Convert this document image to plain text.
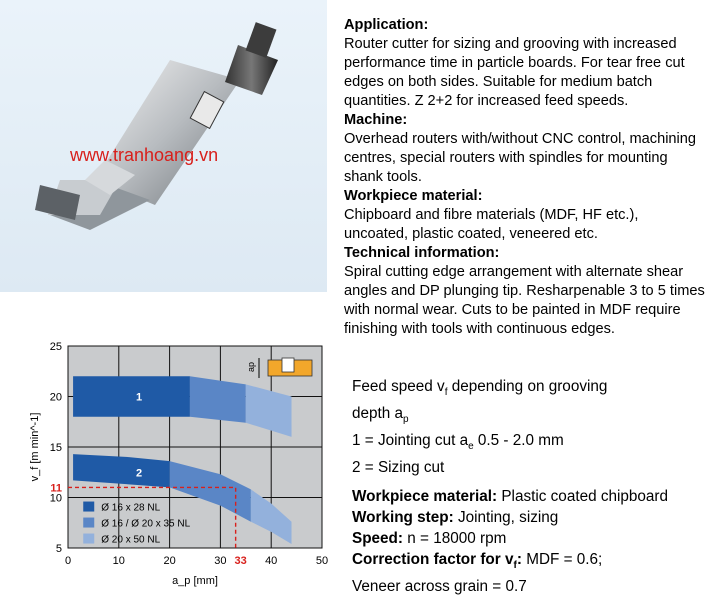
www.tranhoang.vn

Application:

Router cutter for sizing and grooving with increased performance time in particle boards. For tear free cut edges on both sides. Suitable for medium batch quantities. Z 2+2 for increased feed speeds.

Machine:

Overhead routers with/without CNC control, machining centres, special routers with spindles for mounting shank tools.

Workpiece material:

Chipboard and fibre materials (MDF, HF etc.), uncoated, plastic coated, veneered etc.

Technical information:

Spiral cutting edge arrangement with alternate shear angles and DP plunging tip. Resharpenable 3 to 5 times with normal wear. Cuts to be painted in MDF require finishing with tools with continuous edges.

1
2
0	10	20	30 33 40	50
5
10
11
15
20
25
a_p [mm]
v_f [m min^-1]
Ø 16 x 28 NL
Ø 16 / Ø 20 x 35 NL
Ø 20 x 50 NL
ap
Feed speed $v_f$ depending on grooving
depth $a_p$
1 = Jointing cut $a_e$ 0.5 - 2.0 mm
2 = Sizing cut
Workpiece material: Plastic coated chipboard
Working step: Jointing, sizing
Speed: n = 18000 rpm
Correction factor for $v_f$: MDF = 0.6;
Veneer across grain = 0.7
